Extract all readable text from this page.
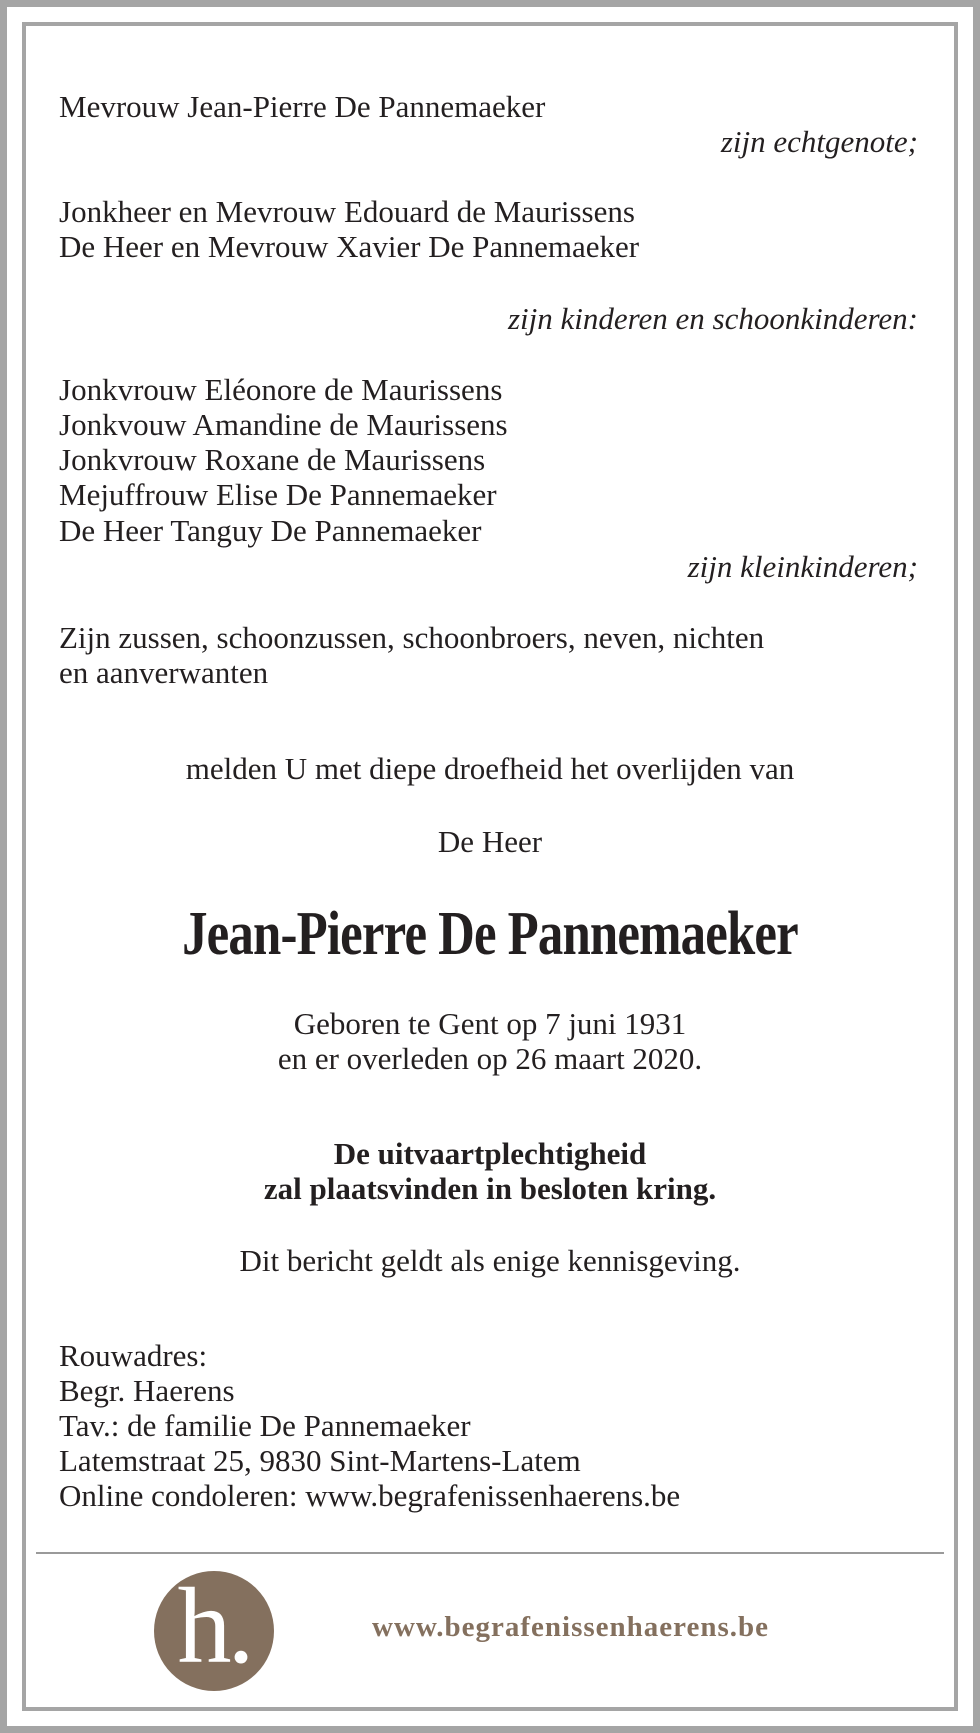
Mevrouw Jean-Pierre De Pannemaeker

zijn echtgenote;

Jonkheer en Mevrouw Edouard de Maurissens

De Heer en Mevrouw Xavier De Pannemaeker

zijn kinderen en schoonkinderen:

Jonkvrouw Eléonore de Maurissens

Jonkvouw Amandine de Maurissens

Jonkvrouw Roxane de Maurissens

Mejuffrouw Elise De Pannemaeker

De Heer Tanguy De Pannemaeker

zijn kleinkinderen;

Zijn zussen, schoonzussen, schoonbroers, neven, nichten

en aanverwanten

melden U met diepe droefheid het overlijden van

De Heer

Jean-Pierre De Pannemaeker

Geboren te Gent op 7 juni 1931

en er overleden op 26 maart 2020.

De uitvaartplechtigheid

zal plaatsvinden in besloten kring.

Dit bericht geldt als enige kennisgeving.

Rouwadres:

Begr. Haerens

Tav.: de familie De Pannemaeker

Latemstraat 25, 9830 Sint-Martens-Latem

Online condoleren: www.begrafenissenhaerens.be

h.	www.begrafenissenhaerens.be
